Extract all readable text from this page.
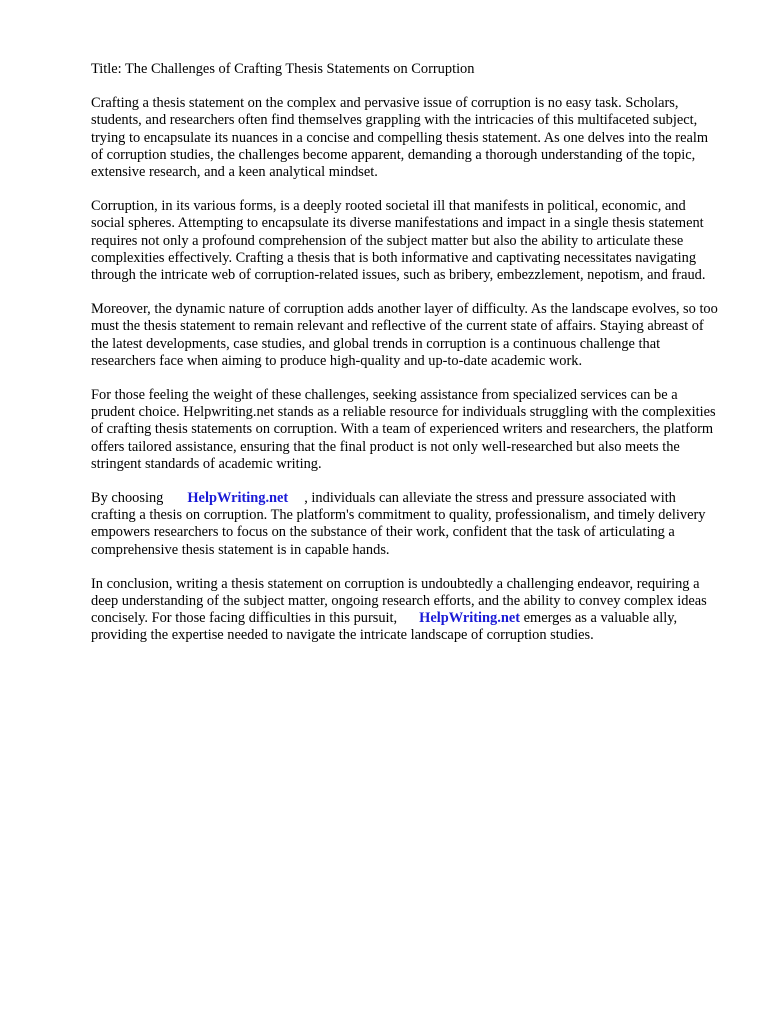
Title: The Challenges of Crafting Thesis Statements on Corruption

Crafting a thesis statement on the complex and pervasive issue of corruption is no easy task. Scholars, students, and researchers often find themselves grappling with the intricacies of this multifaceted subject, trying to encapsulate its nuances in a concise and compelling thesis statement. As one delves into the realm of corruption studies, the challenges become apparent, demanding a thorough understanding of the topic, extensive research, and a keen analytical mindset.

Corruption, in its various forms, is a deeply rooted societal ill that manifests in political, economic, and social spheres. Attempting to encapsulate its diverse manifestations and impact in a single thesis statement requires not only a profound comprehension of the subject matter but also the ability to articulate these complexities effectively. Crafting a thesis that is both informative and captivating necessitates navigating through the intricate web of corruption-related issues, such as bribery, embezzlement, nepotism, and fraud.

Moreover, the dynamic nature of corruption adds another layer of difficulty. As the landscape evolves, so too must the thesis statement to remain relevant and reflective of the current state of affairs. Staying abreast of the latest developments, case studies, and global trends in corruption is a continuous challenge that researchers face when aiming to produce high-quality and up-to-date academic work.

For those feeling the weight of these challenges, seeking assistance from specialized services can be a prudent choice. Helpwriting.net stands as a reliable resource for individuals struggling with the complexities of crafting thesis statements on corruption. With a team of experienced writers and researchers, the platform offers tailored assistance, ensuring that the final product is not only well-researched but also meets the stringent standards of academic writing.

By choosing HelpWriting.net , individuals can alleviate the stress and pressure associated with crafting a thesis on corruption. The platform's commitment to quality, professionalism, and timely delivery empowers researchers to focus on the substance of their work, confident that the task of articulating a comprehensive thesis statement is in capable hands.

In conclusion, writing a thesis statement on corruption is undoubtedly a challenging endeavor, requiring a deep understanding of the subject matter, ongoing research efforts, and the ability to convey complex ideas concisely. For those facing difficulties in this pursuit, HelpWriting.net emerges as a valuable ally, providing the expertise needed to navigate the intricate landscape of corruption studies.
